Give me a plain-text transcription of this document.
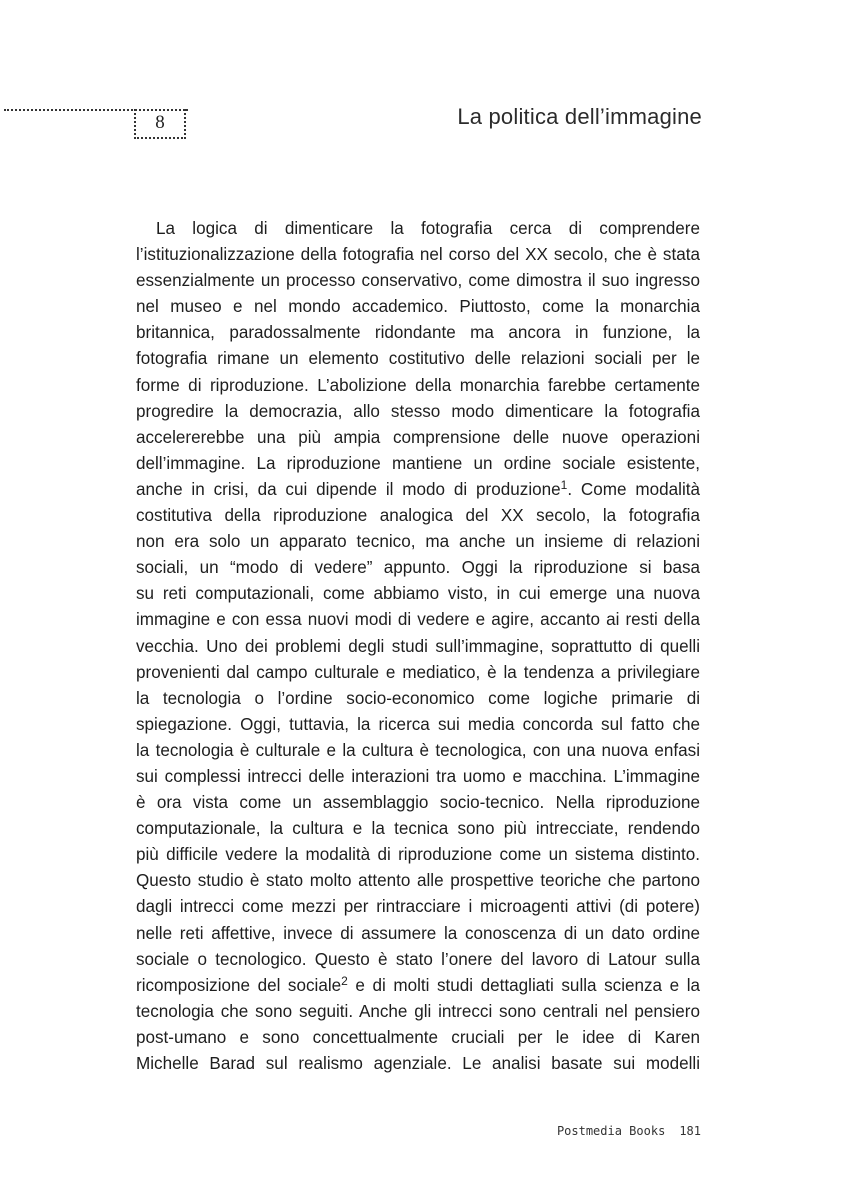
8	La politica dell’immagine
La logica di dimenticare la fotografia cerca di comprendere
l’istituzionalizzazione della fotografia nel corso del XX secolo, che è stata
essenzialmente un processo conservativo, come dimostra il suo ingresso
nel museo e nel mondo accademico. Piuttosto, come la monarchia
britannica, paradossalmente ridondante ma ancora in funzione, la
fotografia rimane un elemento costitutivo delle relazioni sociali per le
forme di riproduzione. L’abolizione della monarchia farebbe certamente
progredire la democrazia, allo stesso modo dimenticare la fotografia
accelererebbe una più ampia comprensione delle nuove operazioni
dell’immagine. La riproduzione mantiene un ordine sociale esistente,
anche in crisi, da cui dipende il modo di produzione$^1$. Come modalità
costitutiva della riproduzione analogica del XX secolo, la fotografia
non era solo un apparato tecnico, ma anche un insieme di relazioni
sociali, un “modo di vedere” appunto. Oggi la riproduzione si basa
su reti computazionali, come abbiamo visto, in cui emerge una nuova
immagine e con essa nuovi modi di vedere e agire, accanto ai resti della
vecchia. Uno dei problemi degli studi sull’immagine, soprattutto di quelli
provenienti dal campo culturale e mediatico, è la tendenza a privilegiare
la tecnologia o l’ordine socio-economico come logiche primarie di
spiegazione. Oggi, tuttavia, la ricerca sui media concorda sul fatto che
la tecnologia è culturale e la cultura è tecnologica, con una nuova enfasi
sui complessi intrecci delle interazioni tra uomo e macchina. L’immagine
è ora vista come un assemblaggio socio-tecnico. Nella riproduzione
computazionale, la cultura e la tecnica sono più intrecciate, rendendo
più difficile vedere la modalità di riproduzione come un sistema distinto.
Questo studio è stato molto attento alle prospettive teoriche che partono
dagli intrecci come mezzi per rintracciare i microagenti attivi (di potere)
nelle reti affettive, invece di assumere la conoscenza di un dato ordine
sociale o tecnologico. Questo è stato l’onere del lavoro di Latour sulla
ricomposizione del sociale$^2$ e di molti studi dettagliati sulla scienza e la
tecnologia che sono seguiti. Anche gli intrecci sono centrali nel pensiero
post-umano e sono concettualmente cruciali per le idee di Karen
Michelle Barad sul realismo agenziale. Le analisi basate sui modelli
Postmedia Books 181
